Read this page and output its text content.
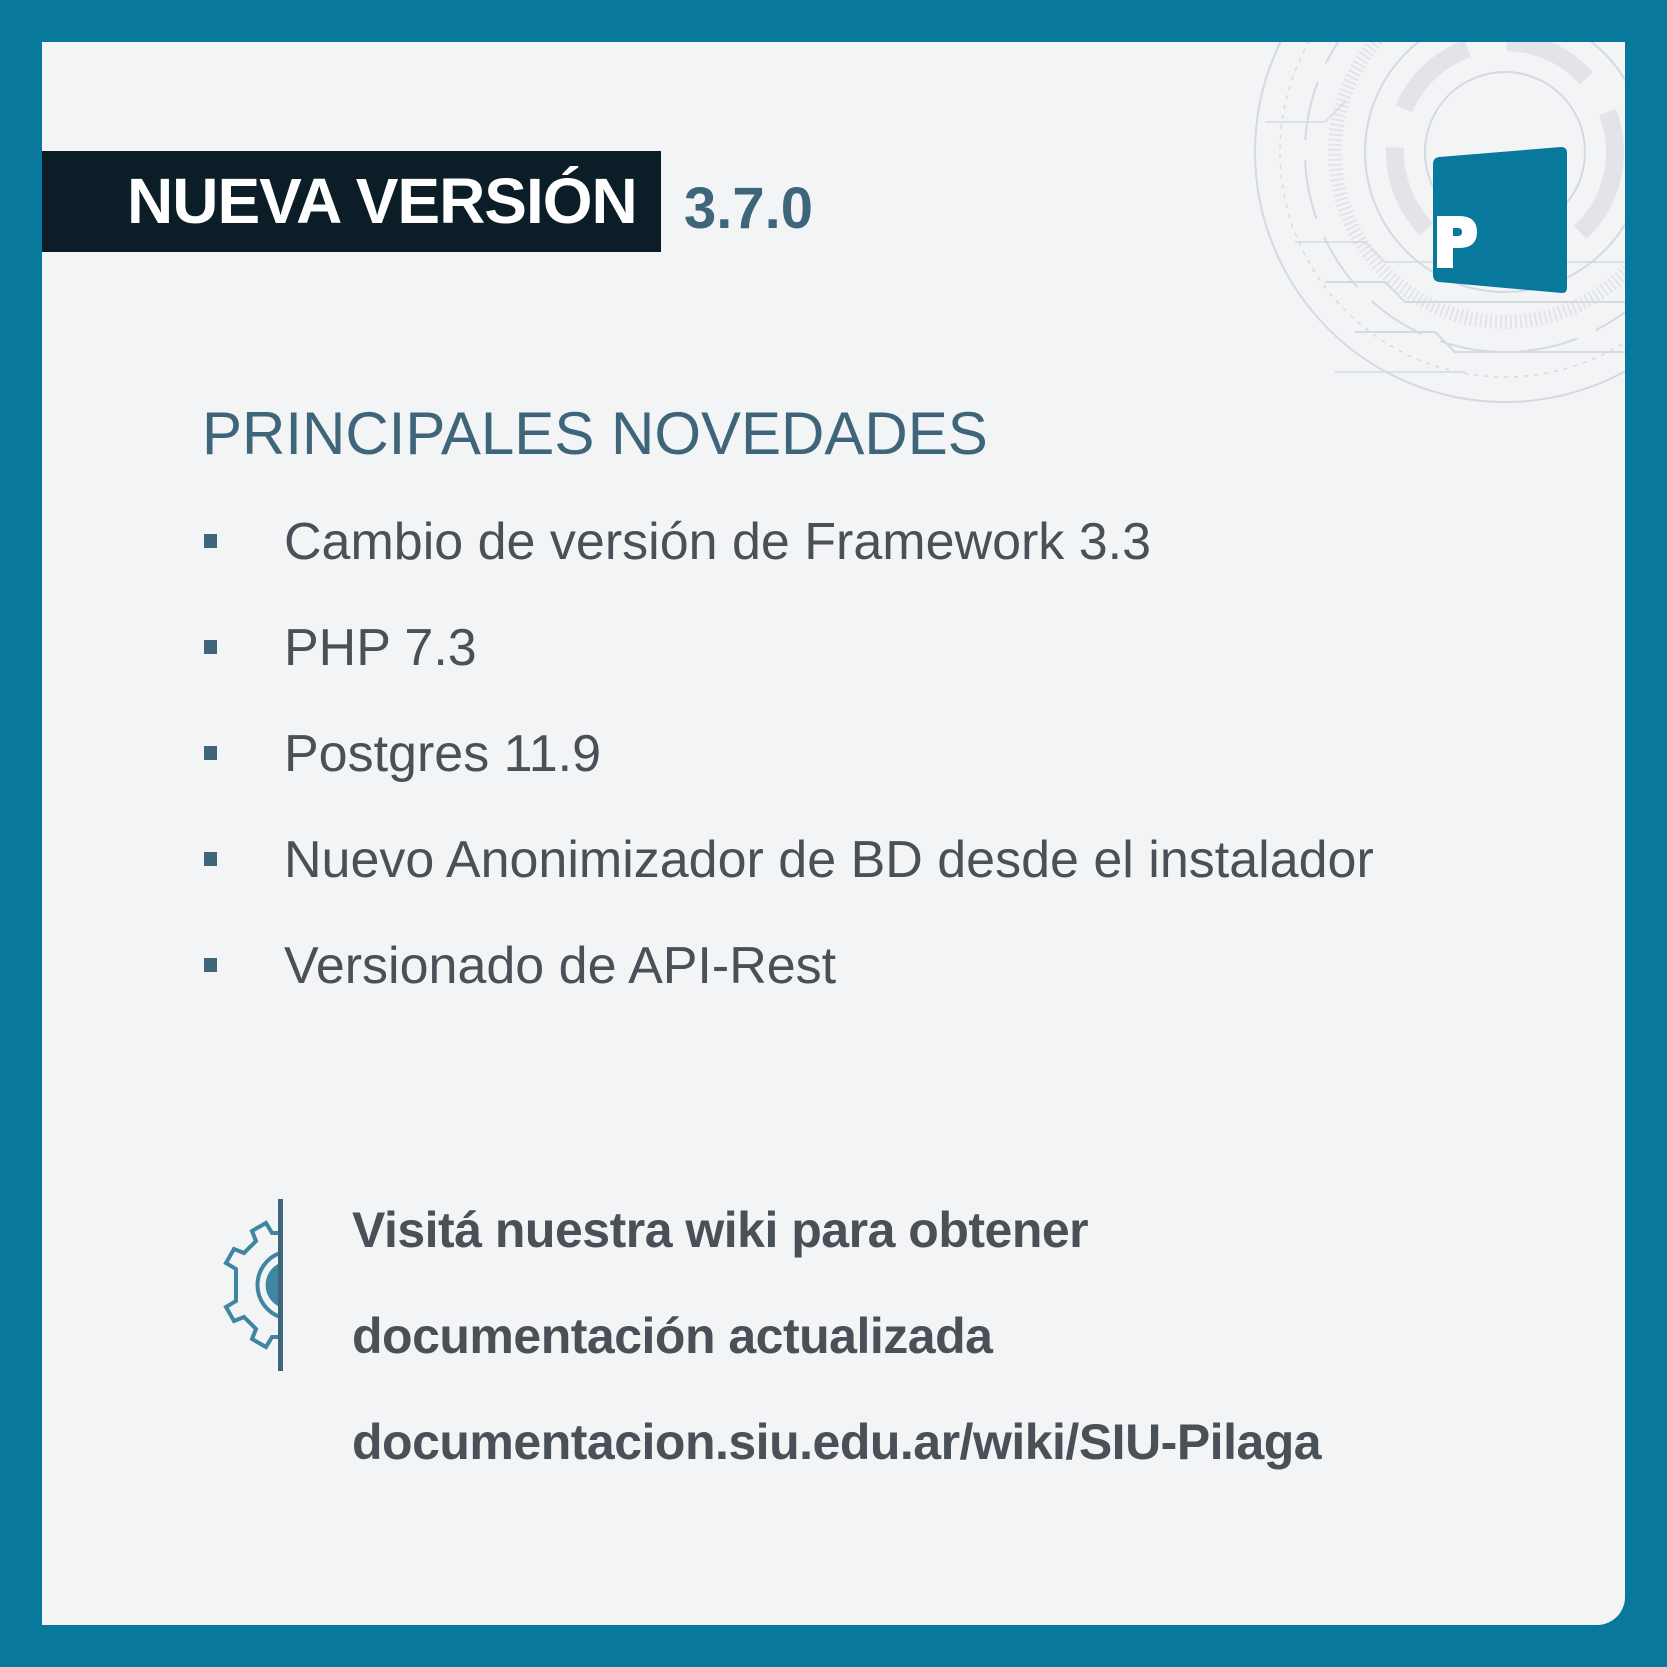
NUEVA VERSIÓN 3.7.0
PRINCIPALES NOVEDADES
Cambio de versión de Framework 3.3
PHP 7.3
Postgres 11.9
Nuevo Anonimizador de BD desde el instalador
Versionado de API-Rest
Visitá nuestra wiki para obtener
documentación actualizada
documentacion.siu.edu.ar/wiki/SIU-Pilaga
